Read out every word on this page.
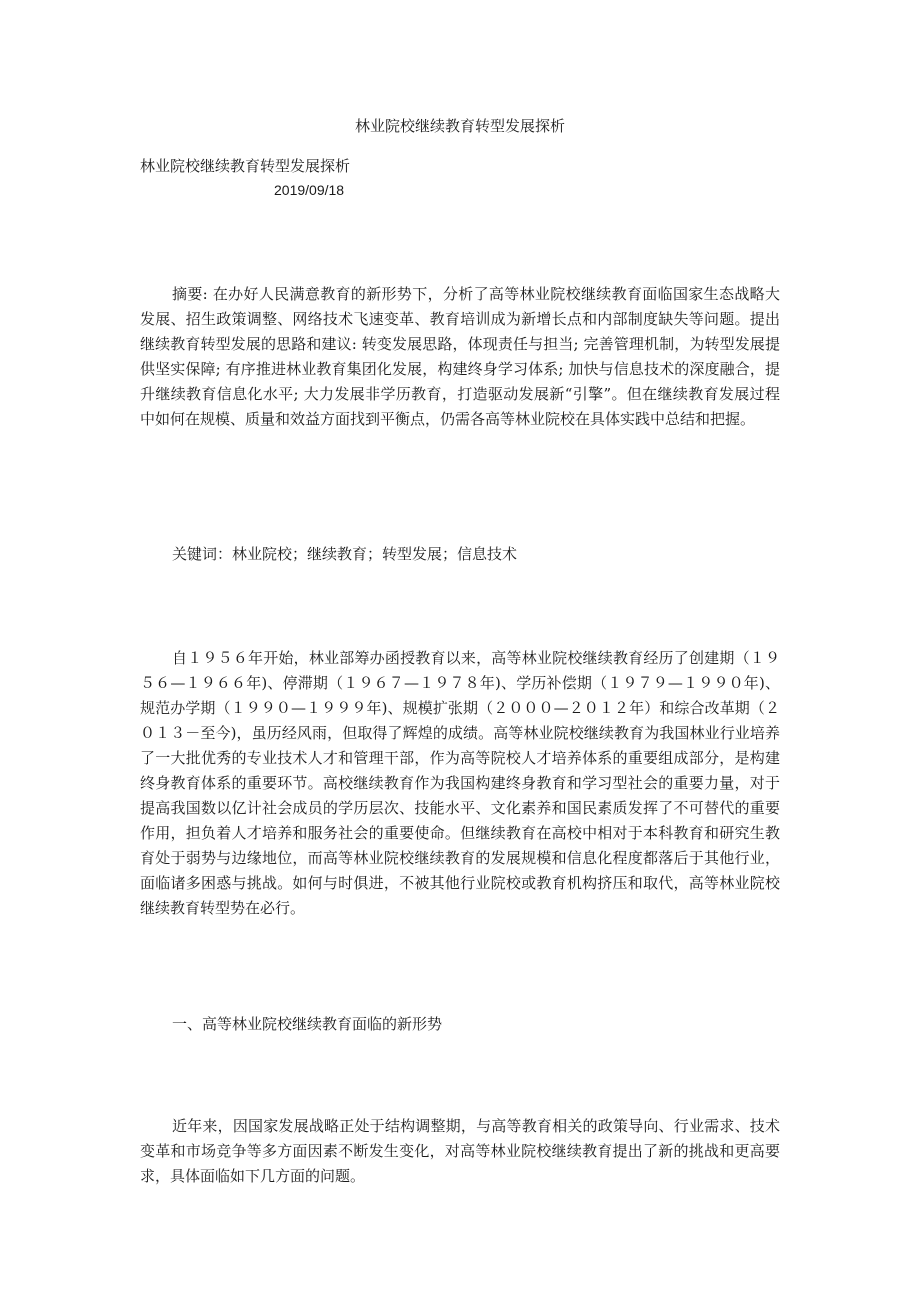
林业院校继续教育转型发展探析
林业院校继续教育转型发展探析
2019/09/18

摘要: 在办好人民满意教育的新形势下，分析了高等林业院校继续教育面临国家生态战略大发展、招生政策调整、网络技术飞速变革、教育培训成为新增长点和内部制度缺失等问题。提出继续教育转型发展的思路和建议: 转变发展思路，体现责任与担当; 完善管理机制，为转型发展提供坚实保障; 有序推进林业教育集团化发展，构建终身学习体系; 加快与信息技术的深度融合，提升继续教育信息化水平; 大力发展非学历教育，打造驱动发展新“引擎”。但在继续教育发展过程中如何在规模、质量和效益方面找到平衡点，仍需各高等林业院校在具体实践中总结和把握。

关键词：林业院校；继续教育；转型发展；信息技术

自１９５６年开始，林业部筹办函授教育以来，高等林业院校继续教育经历了创建期（１９５６—１９６６年)、停滞期（１９６７—１９７８年)、学历补偿期（１９７９—１９９０年)、规范办学期（１９９０—１９９９年)、规模扩张期（２０００—２０１２年）和综合改革期（２０１３－至今)，虽历经风雨，但取得了辉煌的成绩。高等林业院校继续教育为我国林业行业培养了一大批优秀的专业技术人才和管理干部，作为高等院校人才培养体系的重要组成部分，是构建终身教育体系的重要环节。高校继续教育作为我国构建终身教育和学习型社会的重要力量，对于提高我国数以亿计社会成员的学历层次、技能水平、文化素养和国民素质发挥了不可替代的重要作用，担负着人才培养和服务社会的重要使命。但继续教育在高校中相对于本科教育和研究生教育处于弱势与边缘地位，而高等林业院校继续教育的发展规模和信息化程度都落后于其他行业，面临诸多困惑与挑战。如何与时俱进，不被其他行业院校或教育机构挤压和取代，高等林业院校继续教育转型势在必行。

一、高等林业院校继续教育面临的新形势

近年来，因国家发展战略正处于结构调整期，与高等教育相关的政策导向、行业需求、技术变革和市场竞争等多方面因素不断发生变化，对高等林业院校继续教育提出了新的挑战和更高要求，具体面临如下几方面的问题。
